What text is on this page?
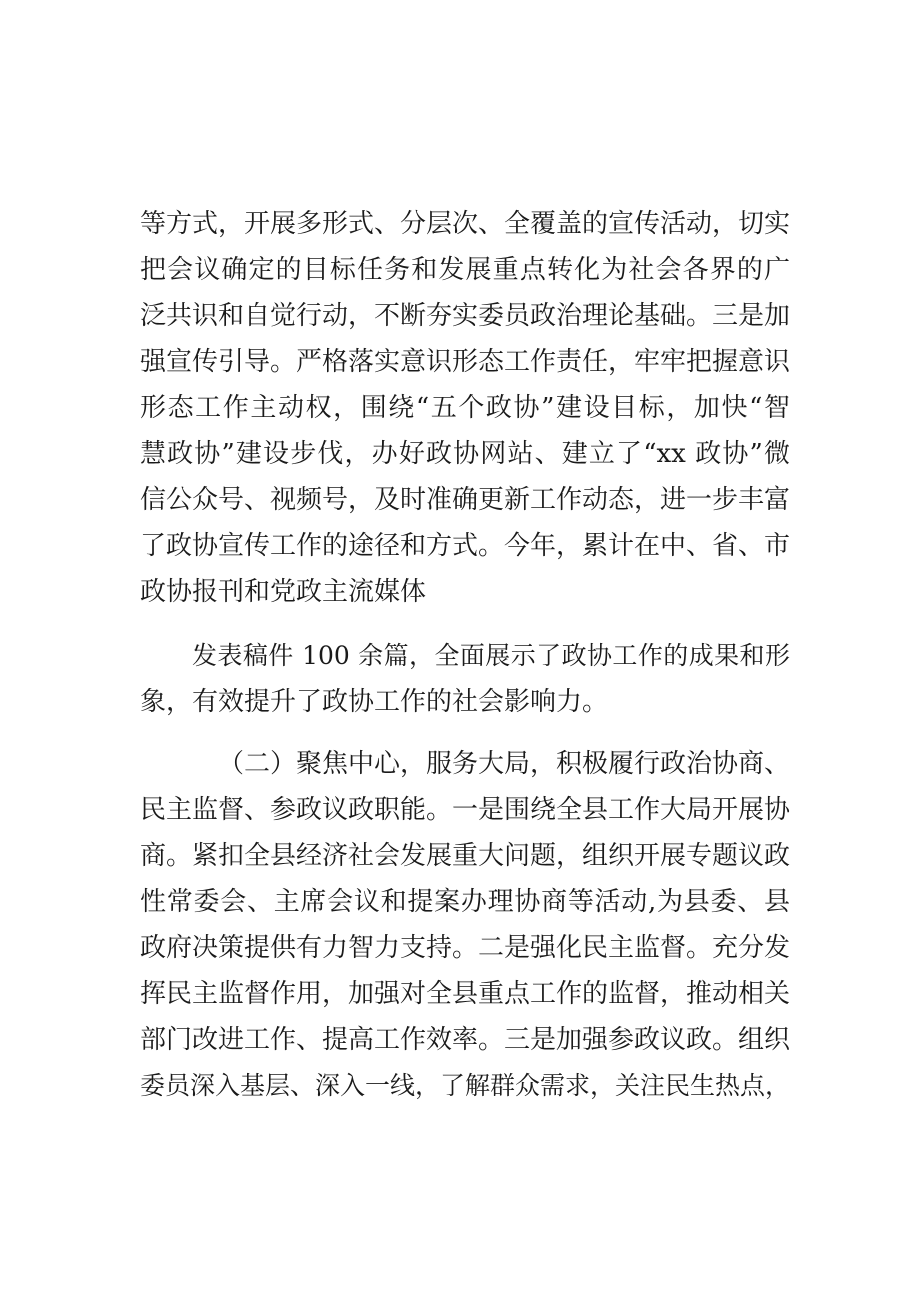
等方式，开展多形式、分层次、全覆盖的宣传活动，切实
把会议确定的目标任务和发展重点转化为社会各界的广
泛共识和自觉行动，不断夯实委员政治理论基础。三是加
强宣传引导。严格落实意识形态工作责任，牢牢把握意识
形态工作主动权，围绕“五个政协”建设目标，加快“智
慧政协”建设步伐，办好政协网站、建立了“xx 政协”微
信公众号、视频号，及时准确更新工作动态，进一步丰富
了政协宣传工作的途径和方式。今年，累计在中、省、市
政协报刊和党政主流媒体
发表稿件 100 余篇，全面展示了政协工作的成果和形
象，有效提升了政协工作的社会影响力。
（二）聚焦中心，服务大局，积极履行政治协商、
民主监督、参政议政职能。一是围绕全县工作大局开展协
商。紧扣全县经济社会发展重大问题，组织开展专题议政
性常委会、主席会议和提案办理协商等活动,为县委、县
政府决策提供有力智力支持。二是强化民主监督。充分发
挥民主监督作用，加强对全县重点工作的监督，推动相关
部门改进工作、提高工作效率。三是加强参政议政。组织
委员深入基层、深入一线，了解群众需求，关注民生热点，
